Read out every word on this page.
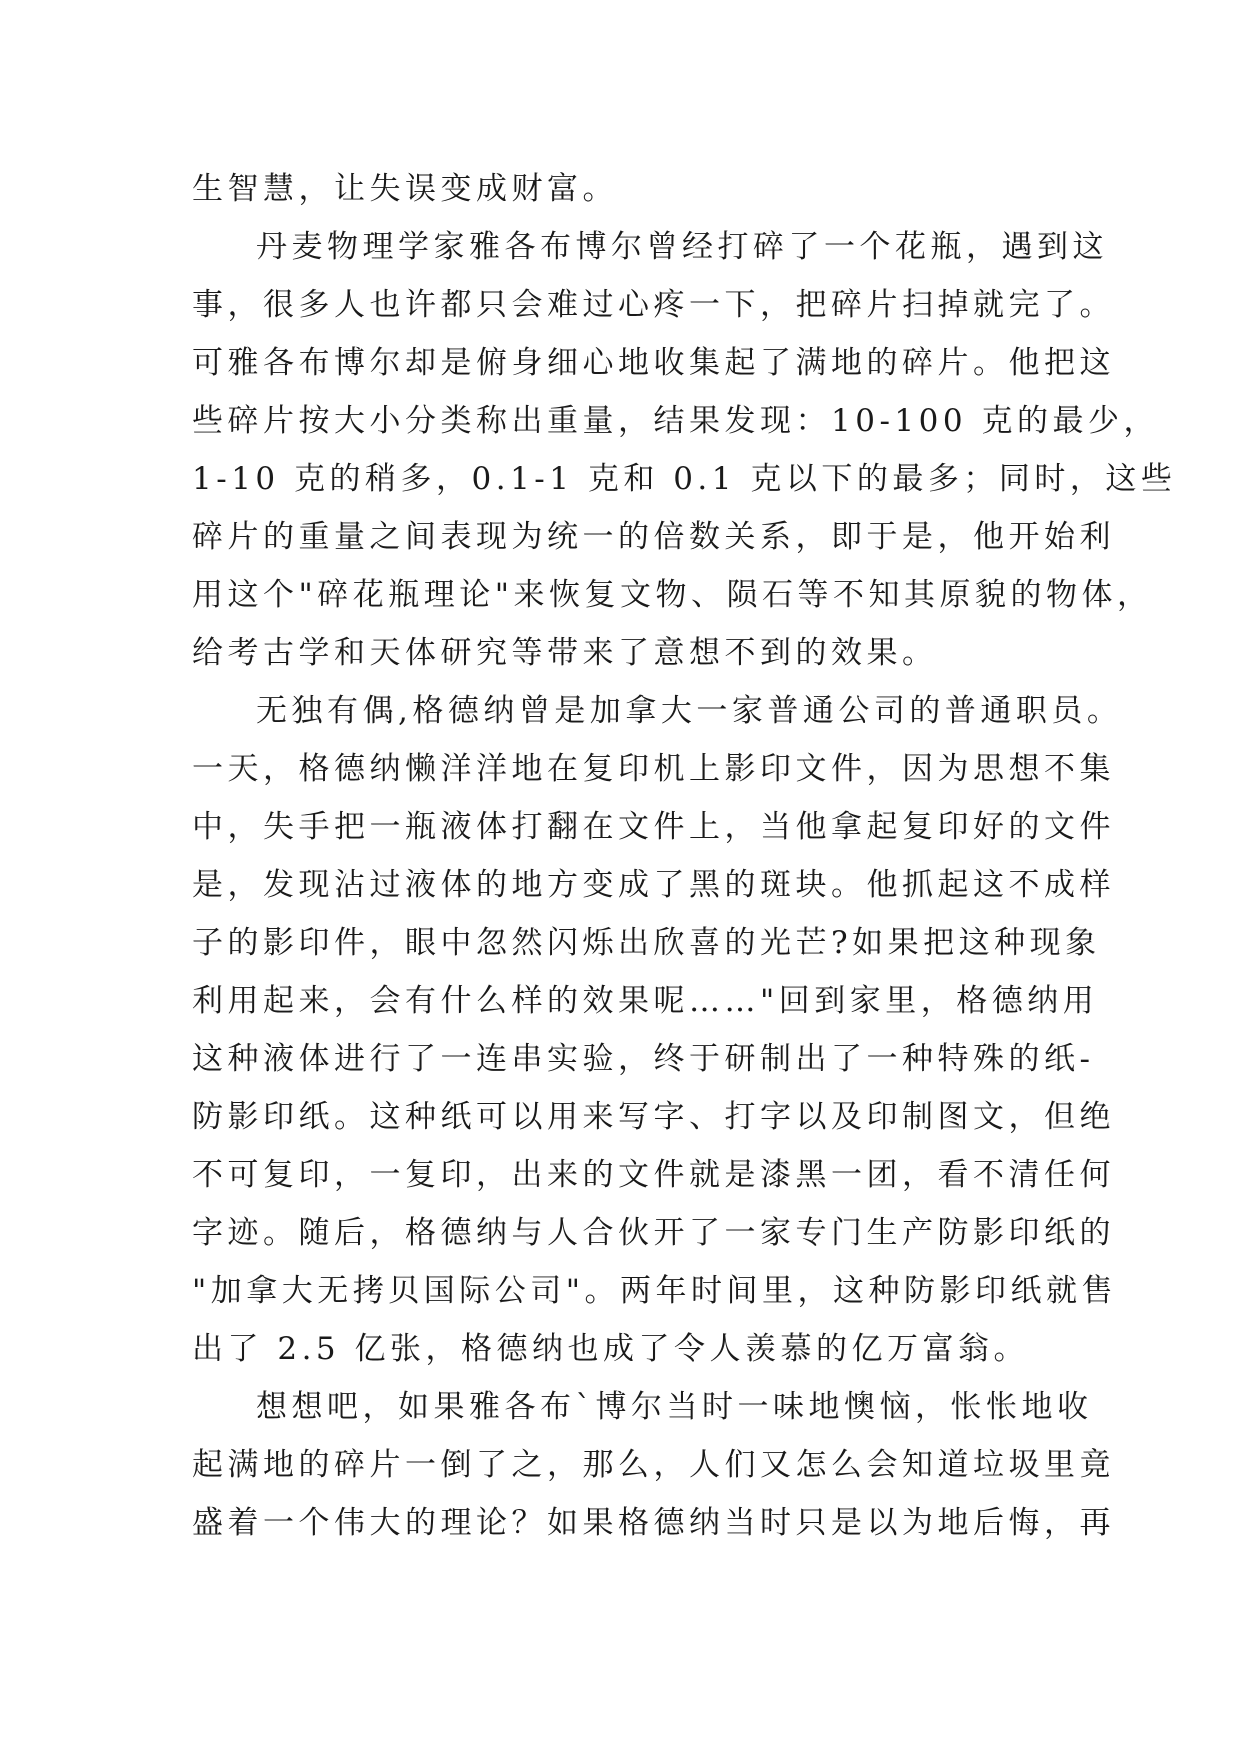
生智慧，让失误变成财富。
丹麦物理学家雅各布博尔曾经打碎了一个花瓶，遇到这
事，很多人也许都只会难过心疼一下，把碎片扫掉就完了。
可雅各布博尔却是俯身细心地收集起了满地的碎片。他把这
些碎片按大小分类称出重量，结果发现：10-100 克的最少，
1-10 克的稍多，0.1-1 克和 0.1 克以下的最多；同时，这些
碎片的重量之间表现为统一的倍数关系，即于是，他开始利
用这个"碎花瓶理论"来恢复文物、陨石等不知其原貌的物体，
给考古学和天体研究等带来了意想不到的效果。
无独有偶,格德纳曾是加拿大一家普通公司的普通职员。
一天，格德纳懒洋洋地在复印机上影印文件，因为思想不集
中，失手把一瓶液体打翻在文件上，当他拿起复印好的文件
是，发现沾过液体的地方变成了黑的斑块。他抓起这不成样
子的影印件，眼中忽然闪烁出欣喜的光芒?如果把这种现象
利用起来，会有什么样的效果呢……"回到家里，格德纳用
这种液体进行了一连串实验，终于研制出了一种特殊的纸-
防影印纸。这种纸可以用来写字、打字以及印制图文，但绝
不可复印，一复印，出来的文件就是漆黑一团，看不清任何
字迹。随后，格德纳与人合伙开了一家专门生产防影印纸的
"加拿大无拷贝国际公司"。两年时间里，这种防影印纸就售
出了 2.5 亿张，格德纳也成了令人羡慕的亿万富翁。
想想吧，如果雅各布`博尔当时一味地懊恼，怅怅地收
起满地的碎片一倒了之，那么，人们又怎么会知道垃圾里竟
盛着一个伟大的理论？如果格德纳当时只是以为地后悔，再
